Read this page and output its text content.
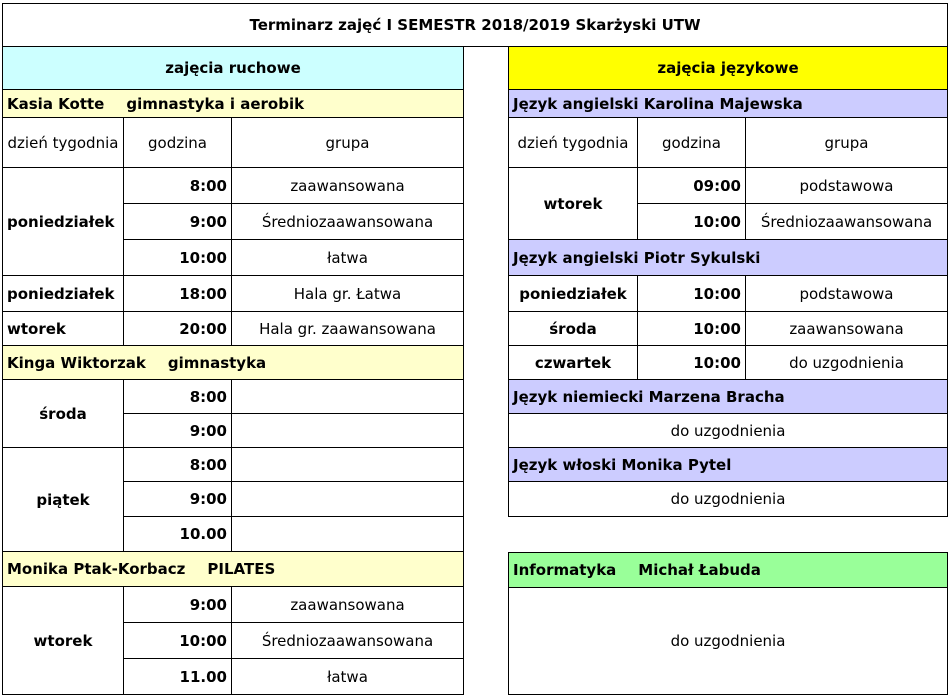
Terminarz zajęć I SEMESTR 2018/2019 Skarżyski UTW
zajęcia ruchowe
Kasia Kotte gimnastyka i aerobik
dzień tygodnia	godzina	grupa
poniedziałek
8:00	zaawansowana
9:00	Średniozaawansowana
10:00	łatwa
poniedziałek	18:00	Hala gr. Łatwa
wtorek	20:00	Hala gr. zaawansowana
Kinga Wiktorzak gimnastyka
środa
8:00
9:00
piątek
8:00
9:00
10.00
Monika Ptak-Korbacz PILATES
wtorek
9:00	zaawansowana
10:00	Średniozaawansowana
11.00	łatwa
zajęcia językowe
Język angielski Karolina Majewska
dzień tygodnia	godzina	grupa
wtorek
09:00	podstawowa
10:00	Średniozaawansowana
Język angielski Piotr Sykulski
poniedziałek	10:00	podstawowa
środa	10:00	zaawansowana
czwartek	10:00	do uzgodnienia
Język niemiecki Marzena Bracha
do uzgodnienia
Język włoski Monika Pytel
do uzgodnienia
Informatyka Michał Łabuda
do uzgodnienia
